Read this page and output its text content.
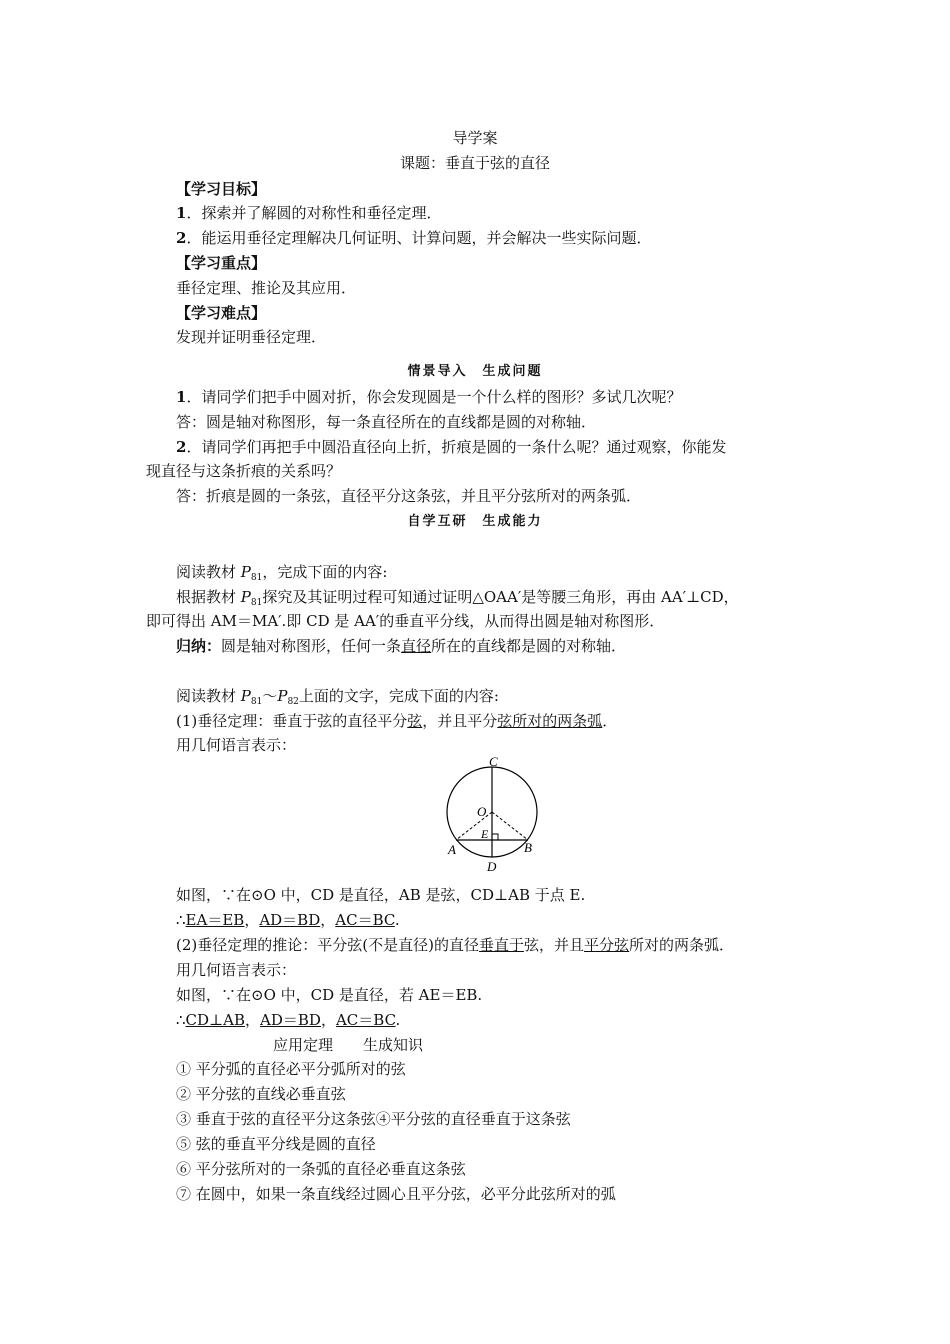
导学案
课题：垂直于弦的直径
【学习目标】
1．探索并了解圆的对称性和垂径定理．
2．能运用垂径定理解决几何证明、计算问题，并会解决一些实际问题．
【学习重点】
垂径定理、推论及其应用．
【学习难点】
发现并证明垂径定理．
情景导入　生成问题
1．请同学们把手中圆对折，你会发现圆是一个什么样的图形？多试几次呢？
答：圆是轴对称图形，每一条直径所在的直线都是圆的对称轴．
2．请同学们再把手中圆沿直径向上折，折痕是圆的一条什么呢？通过观察，你能发
现直径与这条折痕的关系吗？
答：折痕是圆的一条弦，直径平分这条弦，并且平分弦所对的两条弧．
自学互研　生成能力
阅读教材 $P_{81}$，完成下面的内容:
根据教材 $P_{81}$探究及其证明过程可知通过证明△OAA′是等腰三角形，再由 AA′⊥CD，
即可得出 AM＝MA′.即 CD 是 AA′的垂直平分线，从而得出圆是轴对称图形．
归纳：圆是轴对称图形，任何一条直径所在的直线都是圆的对称轴．
阅读教材 $P_{81}\sim P_{82}$上面的文字，完成下面的内容:
(1)垂径定理：垂直于弦的直径平分弦，并且平分弦所对的两条弧．
用几何语言表示：
C
O
E
A	B
D
如图，∵在⊙O 中，CD 是直径，AB 是弦，CD⊥AB 于点 E.
∴EA＝EB，AD＝BD，AC＝BC.
(2)垂径定理的推论：平分弦(不是直径)的直径垂直于弦，并且平分弦所对的两条弧．
用几何语言表示：
如图，∵在⊙O 中，CD 是直径，若 AE＝EB.
∴CD⊥AB，AD＝BD，AC＝BC.
应用定理　　生成知识
① 平分弧的直径必平分弧所对的弦
② 平分弦的直线必垂直弦
③ 垂直于弦的直径平分这条弦④平分弦的直径垂直于这条弦
⑤ 弦的垂直平分线是圆的直径
⑥ 平分弦所对的一条弧的直径必垂直这条弦
⑦ 在圆中，如果一条直线经过圆心且平分弦，必平分此弦所对的弧
